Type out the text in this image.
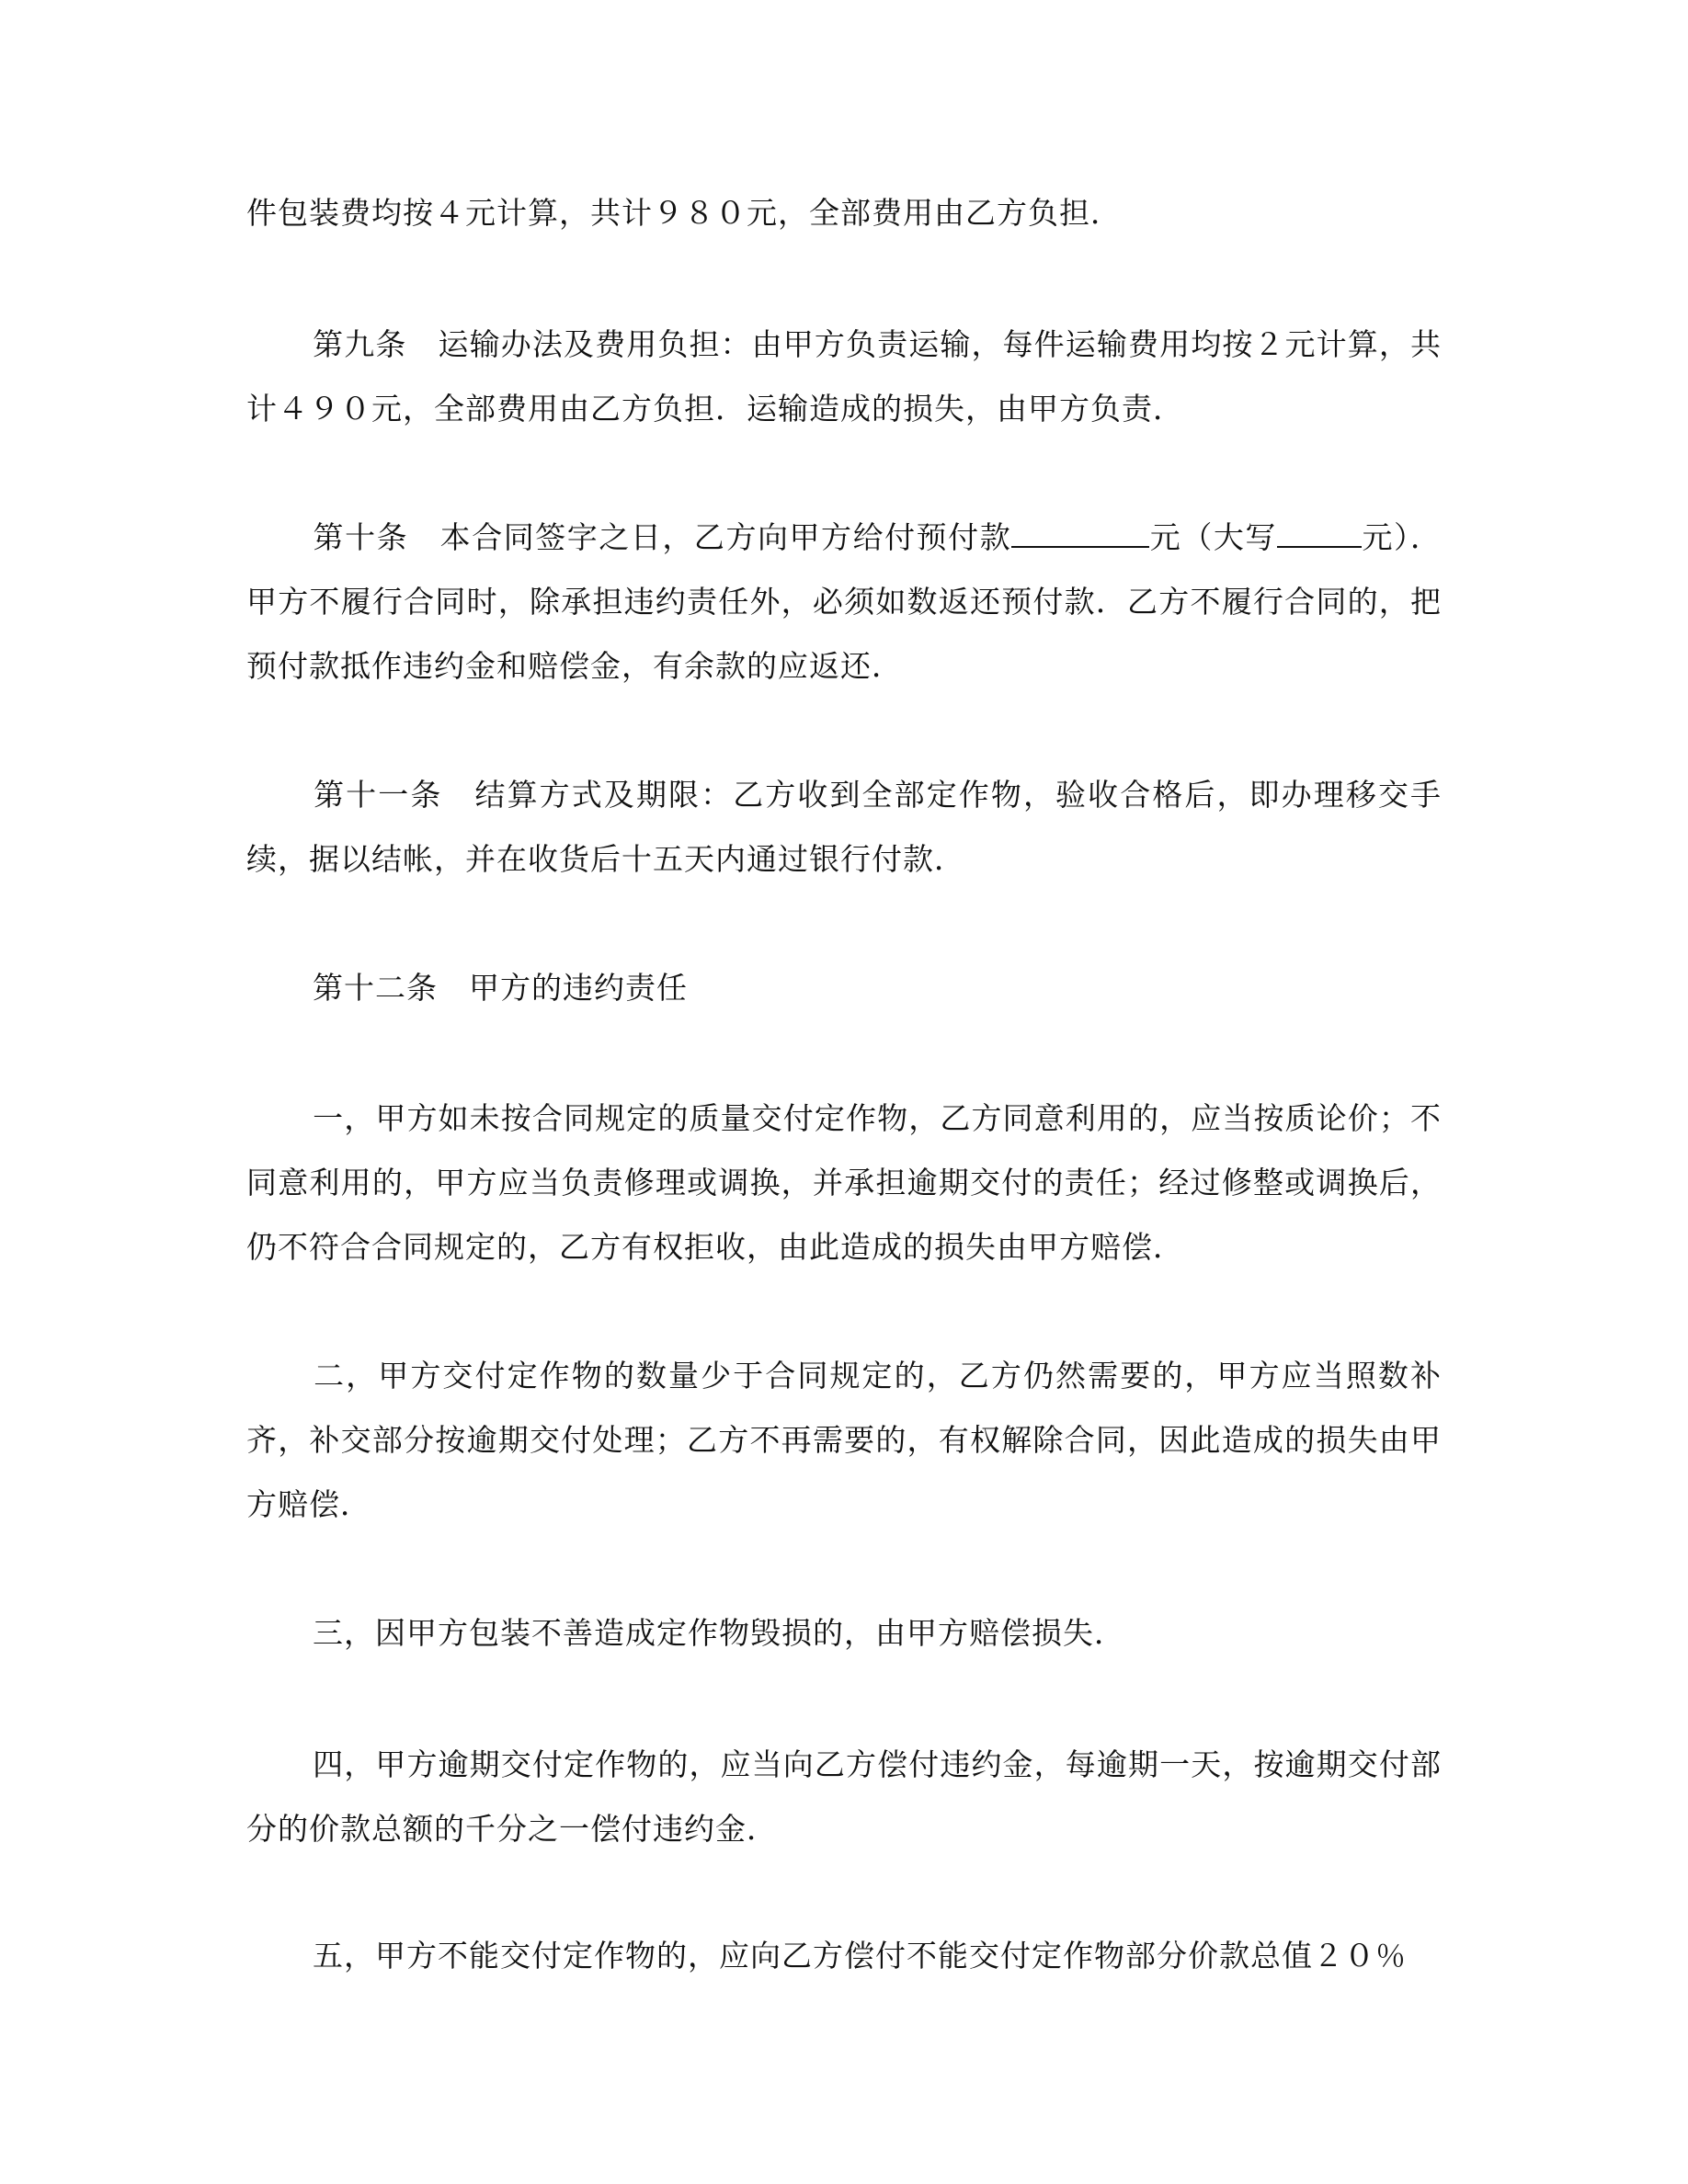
件包装费均按４元计算，共计９８０元，全部费用由乙方负担．

第九条　运输办法及费用负担：由甲方负责运输，每件运输费用均按２元计算，共计４９０元，全部费用由乙方负担．运输造成的损失，由甲方负责．

第十条　本合同签字之日，乙方向甲方给付预付款	元（大写	元）．甲方不履行合同时，除承担违约责任外，必须如数返还预付款．乙方不履行合同的，把预付款抵作违约金和赔偿金，有余款的应返还．

第十一条　结算方式及期限：乙方收到全部定作物，验收合格后，即办理移交手续，据以结帐，并在收货后十五天内通过银行付款．

第十二条　甲方的违约责任

一，甲方如未按合同规定的质量交付定作物，乙方同意利用的，应当按质论价；不同意利用的，甲方应当负责修理或调换，并承担逾期交付的责任；经过修整或调换后，仍不符合合同规定的，乙方有权拒收，由此造成的损失由甲方赔偿．

二，甲方交付定作物的数量少于合同规定的，乙方仍然需要的，甲方应当照数补齐，补交部分按逾期交付处理；乙方不再需要的，有权解除合同，因此造成的损失由甲方赔偿．

三，因甲方包装不善造成定作物毁损的，由甲方赔偿损失．

四，甲方逾期交付定作物的，应当向乙方偿付违约金，每逾期一天，按逾期交付部分的价款总额的千分之一偿付违约金．

五，甲方不能交付定作物的，应向乙方偿付不能交付定作物部分价款总值２０％
